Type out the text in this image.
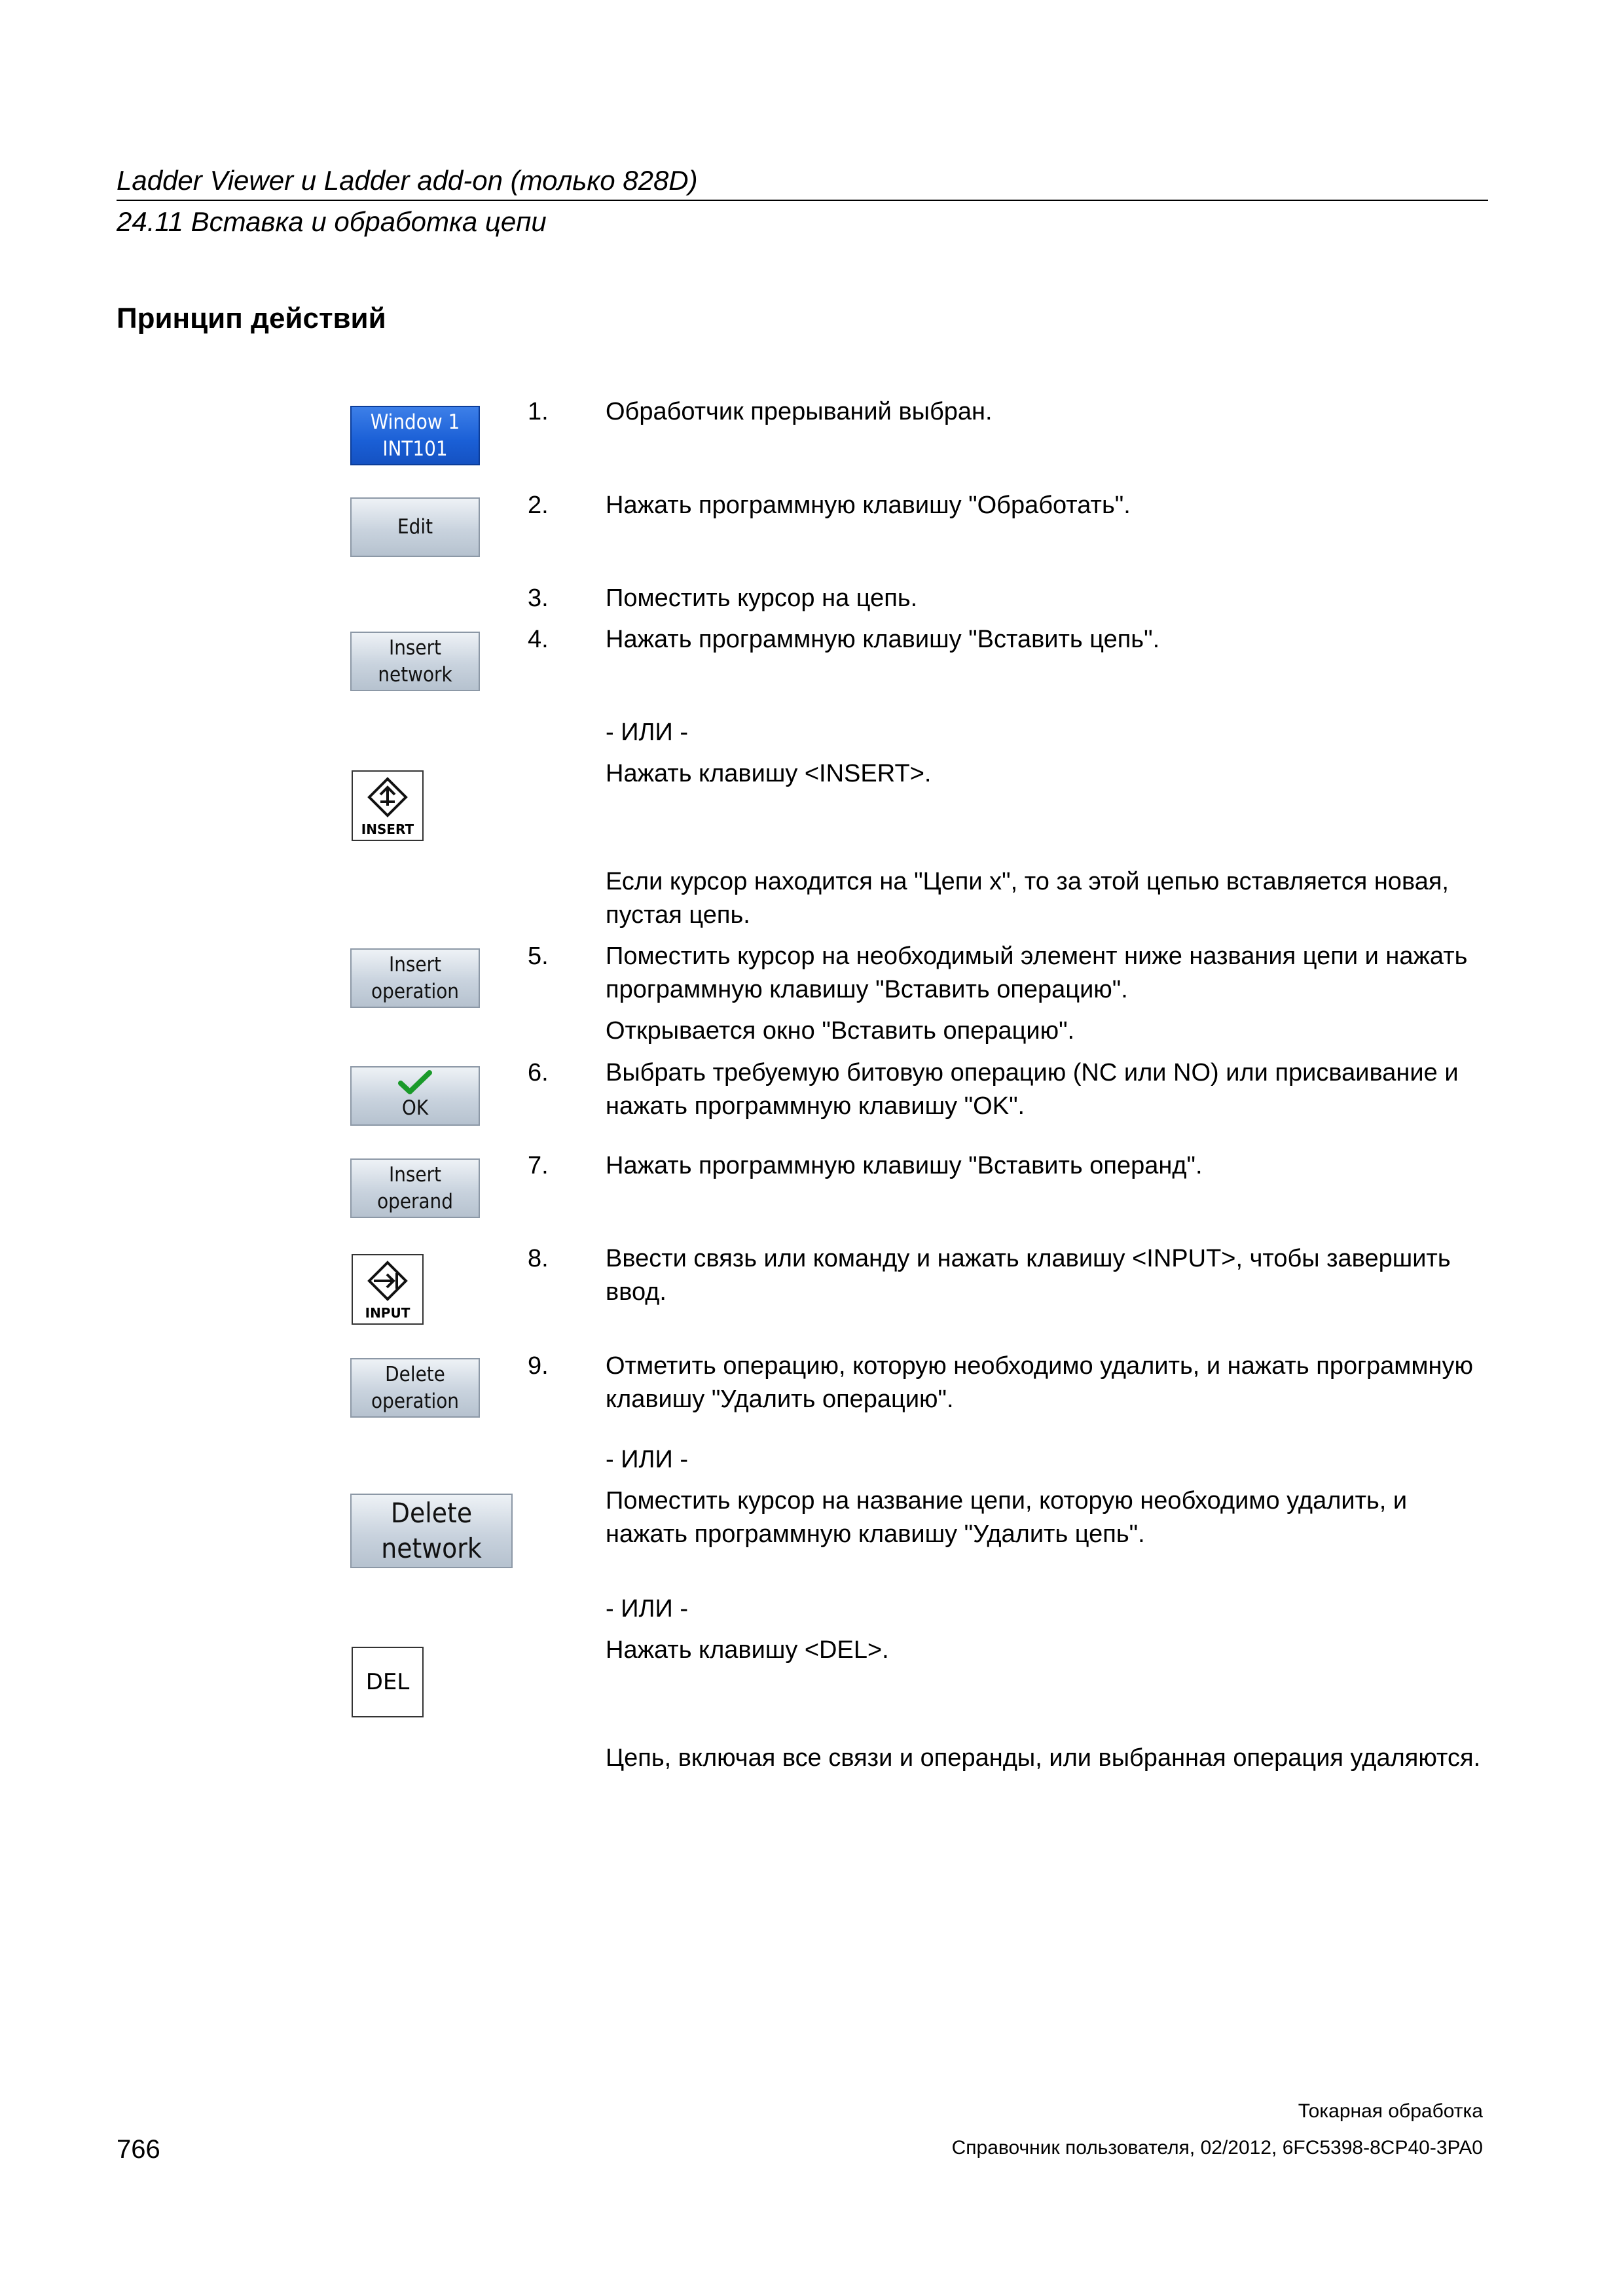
Ladder Viewer и Ladder add-on (только 828D)
24.11 Вставка и обработка цепи
Принцип действий
Window 1
INT101
Edit
Insert
network
INSERT
Insert
operation
OK
Insert
operand
INPUT
Delete
operation
Delete
network
DEL
1. Обработчик прерываний выбран.
2. Нажать программную клавишу "Обработать".
3. Поместить курсор на цепь.
4. Нажать программную клавишу "Вставить цепь".
- ИЛИ -
Нажать клавишу <INSERT>.
Если курсор находится на "Цепи x", то за этой цепью вставляется новая, пустая цепь.
5. Поместить курсор на необходимый элемент ниже названия цепи и нажать программную клавишу "Вставить операцию".
Открывается окно "Вставить операцию".
6. Выбрать требуемую битовую операцию (NC или NO) или присваивание и нажать программную клавишу "OK".
7. Нажать программную клавишу "Вставить операнд".
8. Ввести связь или команду и нажать клавишу <INPUT>, чтобы завершить ввод.
9. Отметить операцию, которую необходимо удалить, и нажать программную клавишу "Удалить операцию".
- ИЛИ -
Поместить курсор на название цепи, которую необходимо удалить, и нажать программную клавишу "Удалить цепь".
- ИЛИ -
Нажать клавишу <DEL>.
Цепь, включая все связи и операнды, или выбранная операция удаляются.
766
Токарная обработка
Справочник пользователя, 02/2012, 6FC5398-8CP40-3PA0
